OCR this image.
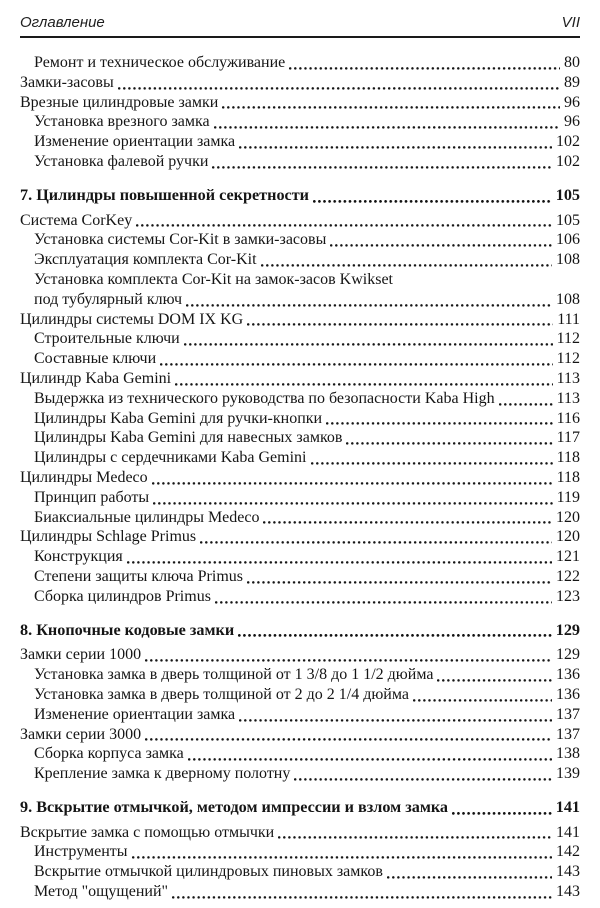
Оглавление	VII
Ремонт и техническое обслуживание	80
Замки-засовы	89
Врезные цилиндровые замки	96
Установка врезного замка	96
Изменение ориентации замка	102
Установка фалевой ручки	102
7. Цилиндры повышенной секретности	105
Система CorKey	105
Установка системы Cor-Kit в замки-засовы	106
Эксплуатация комплекта Cor-Kit	108
Установка комплекта Cor-Kit на замок-засов Kwikset
под тубулярный ключ	108
Цилиндры системы DOM IX KG	111
Строительные ключи	112
Составные ключи	112
Цилиндр Kaba Gemini	113
Выдержка из технического руководства по безопасности Kaba High	113
Цилиндры Kaba Gemini для ручки-кнопки	116
Цилиндры Kaba Gemini для навесных замков	117
Цилиндры с сердечниками Kaba Gemini	118
Цилиндры Medeco	118
Принцип работы	119
Биаксиальные цилиндры Medeco	120
Цилиндры Schlage Primus	120
Конструкция	121
Степени защиты ключа Primus	122
Сборка цилиндров Primus	123
8. Кнопочные кодовые замки	129
Замки серии 1000	129
Установка замка в дверь толщиной от 1 3/8 до 1 1/2 дюйма	136
Установка замка в дверь толщиной от 2 до 2 1/4 дюйма	136
Изменение ориентации замка	137
Замки серии 3000	137
Сборка корпуса замка	138
Крепление замка к дверному полотну	139
9. Вскрытие отмычкой, методом импрессии и взлом замка	141
Вскрытие замка с помощью отмычки	141
Инструменты	142
Вскрытие отмычкой цилиндровых пиновых замков	143
Метод "ощущений"	143
